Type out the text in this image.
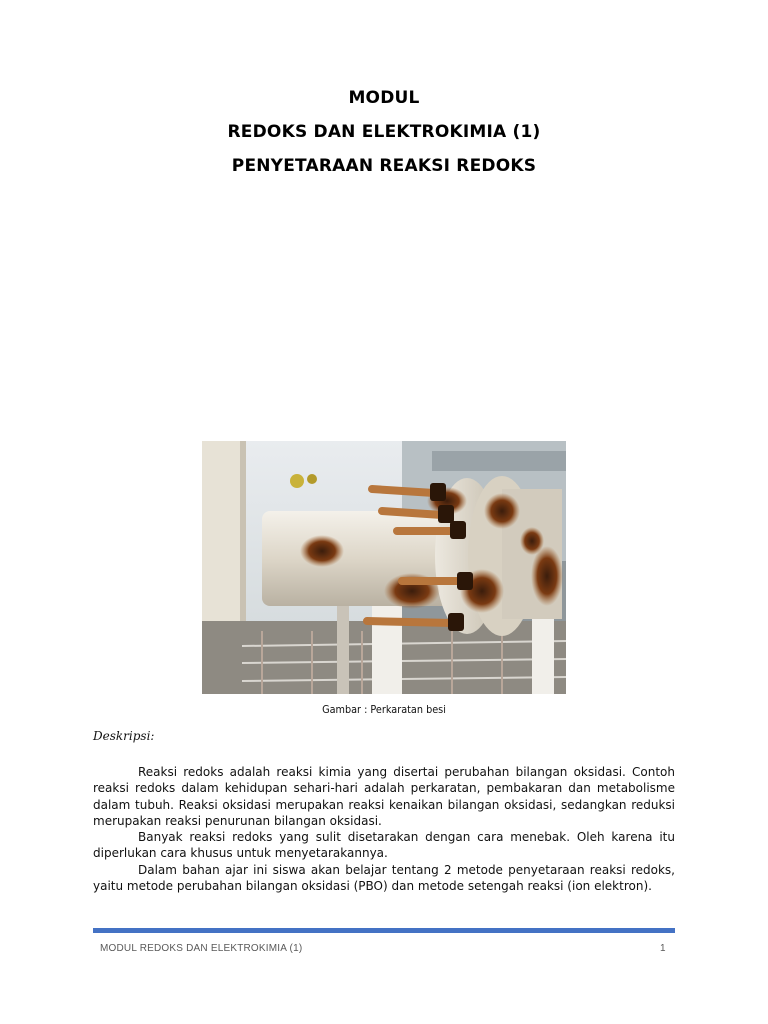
MODUL
REDOKS DAN ELEKTROKIMIA (1)
PENYETARAAN REAKSI REDOKS
Gambar : Perkaratan besi
Deskripsi:

Reaksi redoks adalah reaksi kimia yang disertai perubahan bilangan oksidasi. Contoh reaksi redoks dalam kehidupan sehari-hari adalah perkaratan, pembakaran dan metabolisme dalam tubuh. Reaksi oksidasi merupakan reaksi kenaikan bilangan oksidasi, sedangkan reduksi merupakan reaksi penurunan bilangan oksidasi.

Banyak reaksi redoks yang sulit disetarakan dengan cara menebak. Oleh karena itu diperlukan cara khusus untuk menyetarakannya.

Dalam bahan ajar ini siswa akan belajar tentang 2 metode penyetaraan reaksi redoks, yaitu metode perubahan bilangan oksidasi (PBO) dan metode setengah reaksi (ion elektron).

MODUL REDOKS DAN ELEKTROKIMIA (1)	1
